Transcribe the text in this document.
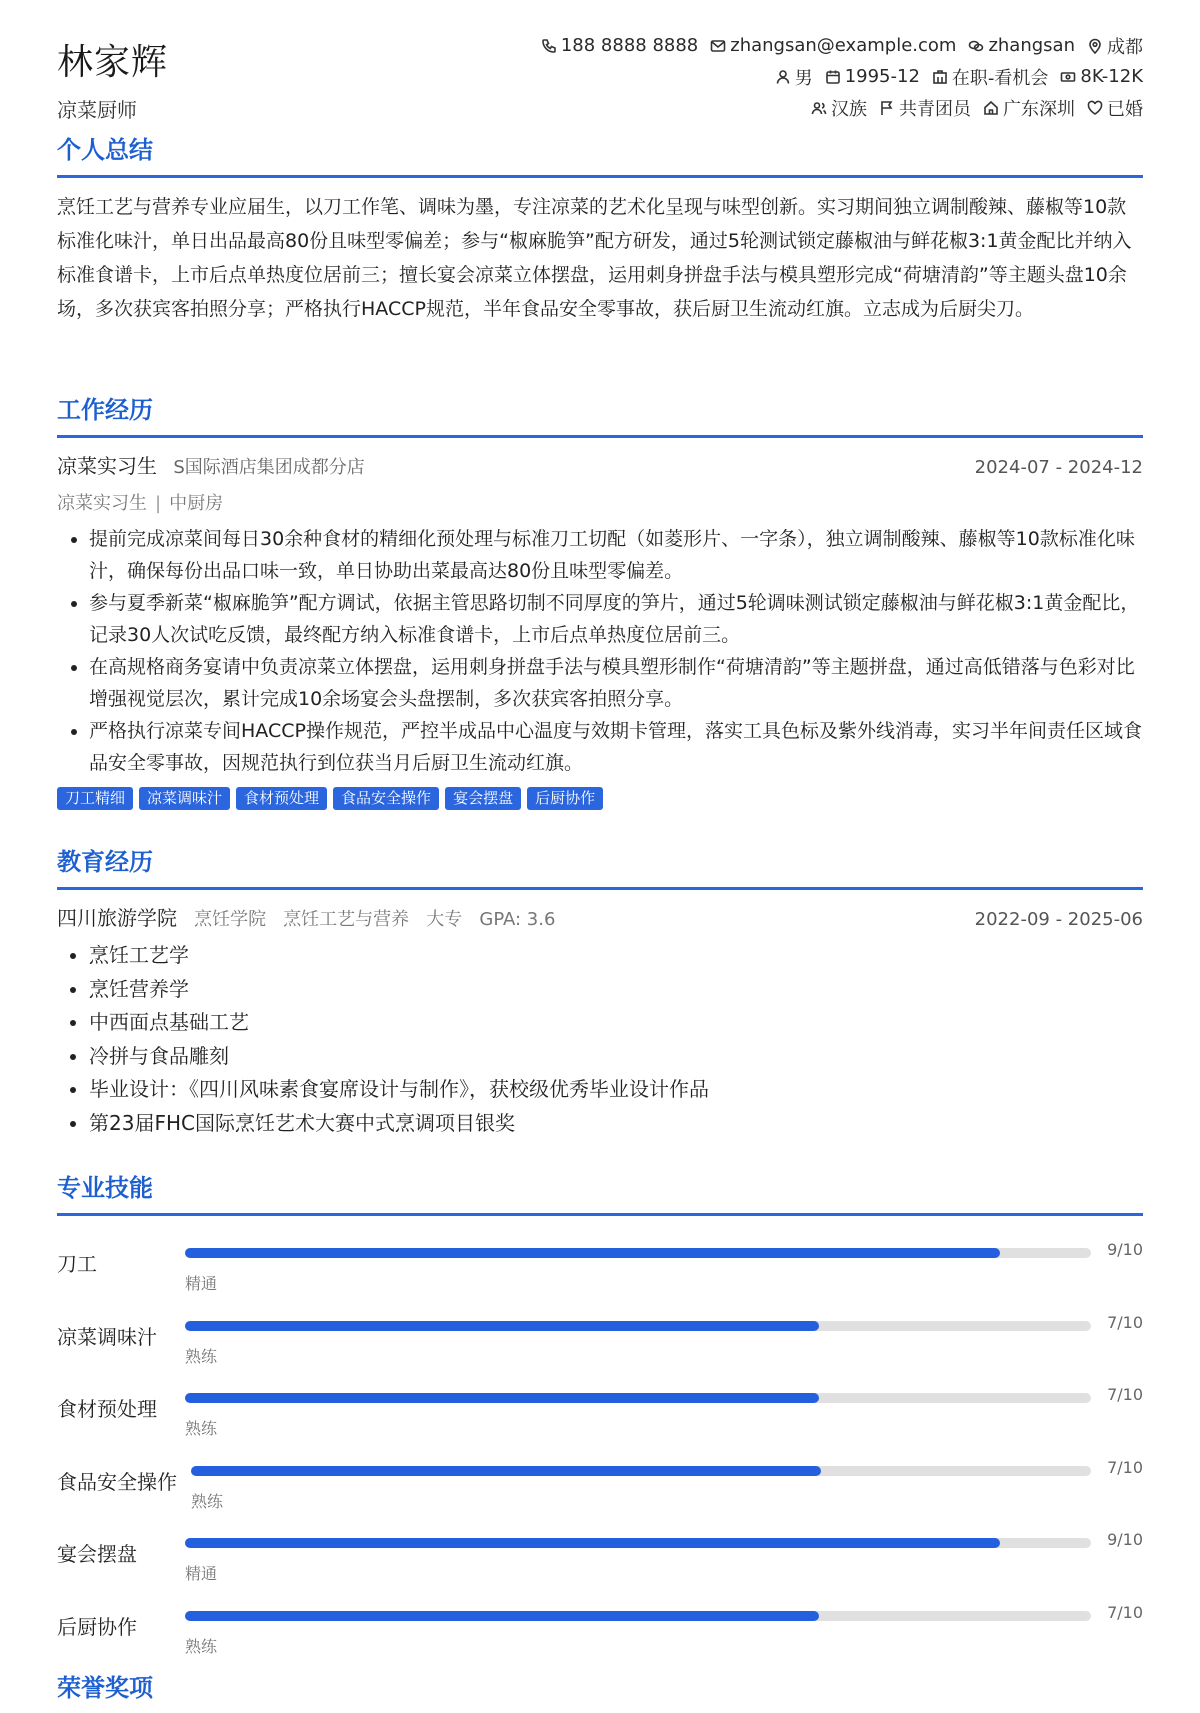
林家辉
凉菜厨师
188 8888 8888 zhangsan@example.com zhangsan 成都
男 1995-12 在职-看机会 8K-12K
汉族 共青团员 广东深圳 已婚
个人总结
烹饪工艺与营养专业应届生，以刀工作笔、调味为墨，专注凉菜的艺术化呈现与味型创新。实习期间独立调制酸辣、藤椒等10款标准化味汁，单日出品最高80份且味型零偏差；参与“椒麻脆笋”配方研发，通过5轮测试锁定藤椒油与鲜花椒3:1黄金配比并纳入标准食谱卡，上市后点单热度位居前三；擅长宴会凉菜立体摆盘，运用刺身拼盘手法与模具塑形完成“荷塘清韵”等主题头盘10余场，多次获宾客拍照分享；严格执行HACCP规范，半年食品安全零事故，获后厨卫生流动红旗。立志成为后厨尖刀。
工作经历
凉菜实习生 S国际酒店集团成都分店	2024-07 - 2024-12
凉菜实习生 | 中厨房
• 提前完成凉菜间每日30余种食材的精细化预处理与标准刀工切配（如菱形片、一字条），独立调制酸辣、藤椒等10款标准化味汁，确保每份出品口味一致，单日协助出菜最高达80份且味型零偏差。
• 参与夏季新菜“椒麻脆笋”配方调试，依据主管思路切制不同厚度的笋片，通过5轮调味测试锁定藤椒油与鲜花椒3:1黄金配比，记录30人次试吃反馈，最终配方纳入标准食谱卡，上市后点单热度位居前三。
• 在高规格商务宴请中负责凉菜立体摆盘，运用刺身拼盘手法与模具塑形制作“荷塘清韵”等主题拼盘，通过高低错落与色彩对比增强视觉层次，累计完成10余场宴会头盘摆制，多次获宾客拍照分享。
• 严格执行凉菜专间HACCP操作规范，严控半成品中心温度与效期卡管理，落实工具色标及紫外线消毒，实习半年间责任区域食品安全零事故，因规范执行到位获当月后厨卫生流动红旗。
刀工精细	凉菜调味汁	食材预处理	食品安全操作	宴会摆盘	后厨协作
教育经历
四川旅游学院 烹饪学院 烹饪工艺与营养 大专 GPA: 3.6	2022-09 - 2025-06
• 烹饪工艺学
• 烹饪营养学
• 中西面点基础工艺
• 冷拼与食品雕刻
• 毕业设计：《四川风味素食宴席设计与制作》，获校级优秀毕业设计作品
• 第23届FHC国际烹饪艺术大赛中式烹调项目银奖
专业技能
刀工
精通
9/10
凉菜调味汁
熟练
7/10
食材预处理
熟练
7/10
食品安全操作
熟练
7/10
宴会摆盘
精通
9/10
后厨协作
熟练
7/10
荣誉奖项
